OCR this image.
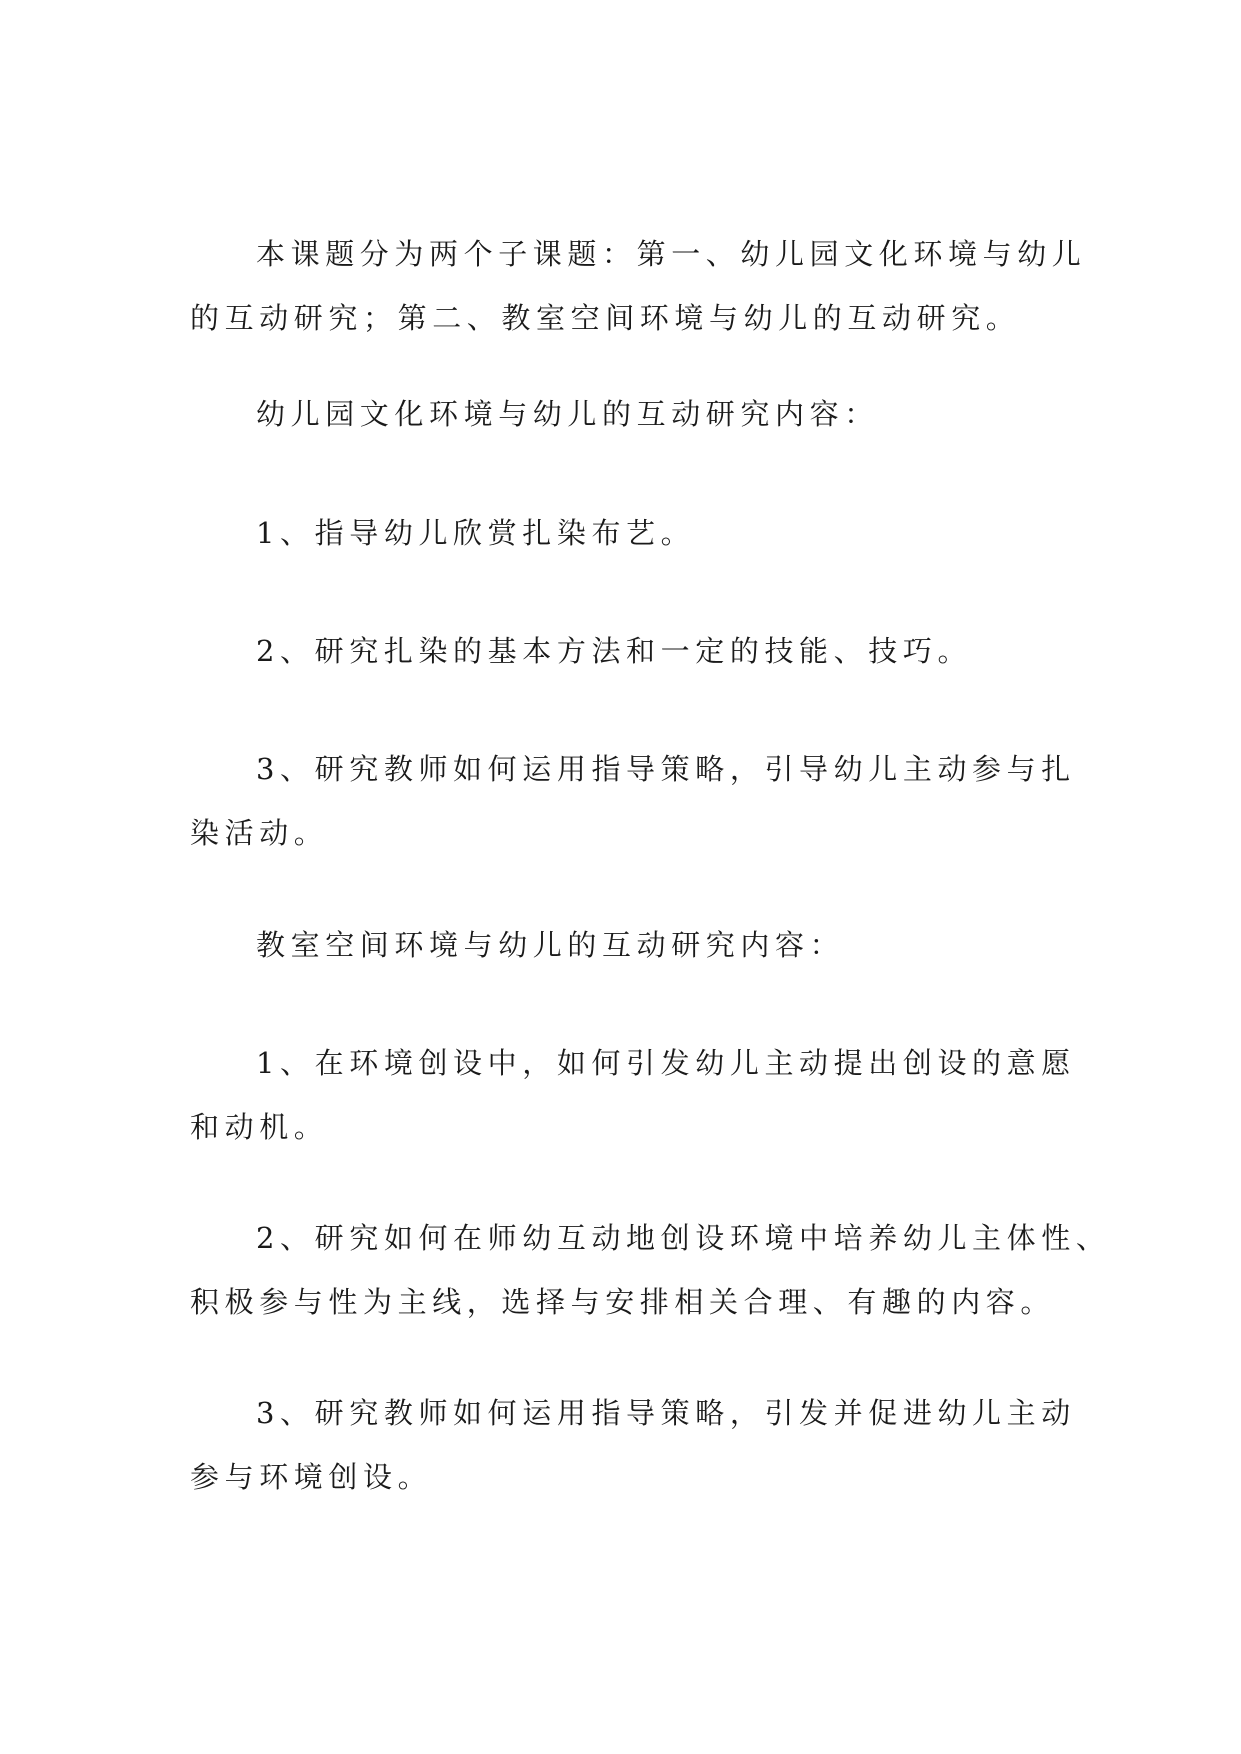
本课题分为两个子课题：第一、幼儿园文化环境与幼儿
的互动研究；第二、教室空间环境与幼儿的互动研究。

幼儿园文化环境与幼儿的互动研究内容：

1、指导幼儿欣赏扎染布艺。

2、研究扎染的基本方法和一定的技能、技巧。

3、研究教师如何运用指导策略，引导幼儿主动参与扎
染活动。

教室空间环境与幼儿的互动研究内容：

1、在环境创设中，如何引发幼儿主动提出创设的意愿
和动机。

2、研究如何在师幼互动地创设环境中培养幼儿主体性、
积极参与性为主线，选择与安排相关合理、有趣的内容。

3、研究教师如何运用指导策略，引发并促进幼儿主动
参与环境创设。
